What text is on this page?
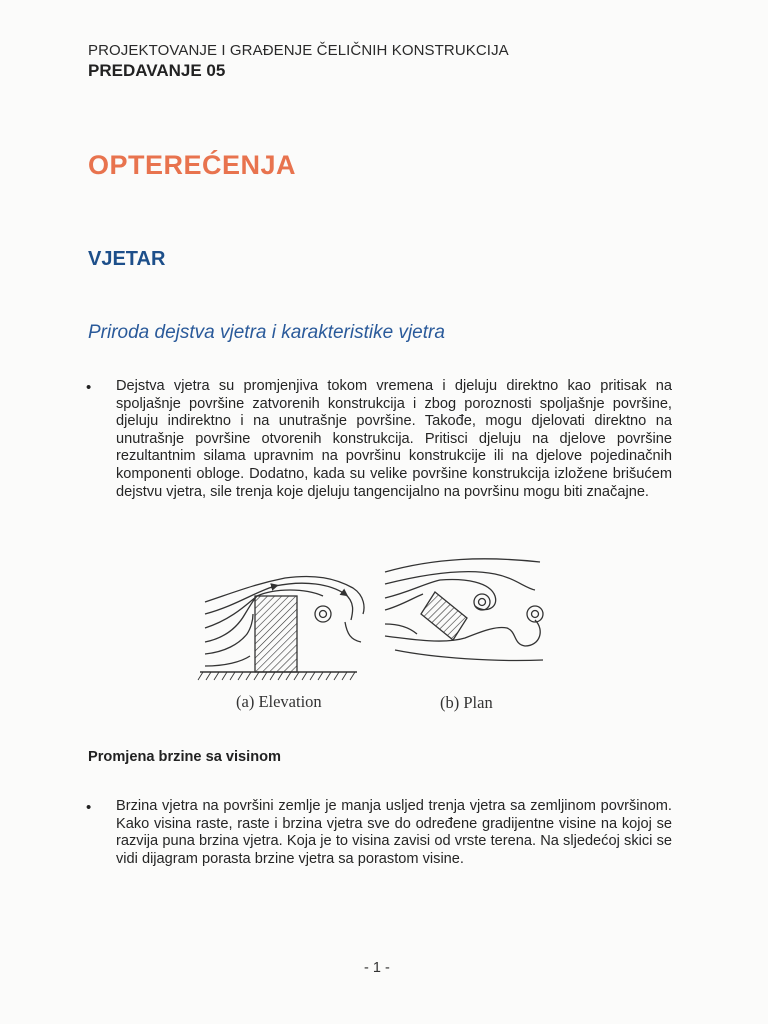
PROJEKTOVANJE I GRAĐENJE ČELIČNIH KONSTRUKCIJA
PREDAVANJE 05
OPTEREĆENJA
VJETAR
Priroda dejstva vjetra i karakteristike vjetra
• Dejstva vjetra su promjenjiva tokom vremena i djeluju direktno kao pritisak na spoljašnje površine zatvorenih konstrukcija i zbog poroznosti spoljašnje površine, djeluju indirektno i na unutrašnje površine. Takođe, mogu djelovati direktno na unutrašnje površine otvorenih konstrukcija. Pritisci djeluju na djelove površine rezultantnim silama upravnim na površinu konstrukcije ili na djelove pojedinačnih komponenti obloge. Dodatno, kada su velike površine konstrukcija izložene brišućem dejstvu vjetra, sile trenja koje djeluju tangencijalno na površinu mogu biti značajne.
(a) Elevation	(b) Plan
Promjena brzine sa visinom
• Brzina vjetra na površini zemlje je manja usljed trenja vjetra sa zemljinom površinom. Kako visina raste, raste i brzina vjetra sve do određene gradijentne visine na kojoj se razvija puna brzina vjetra. Koja je to visina zavisi od vrste terena. Na sljedećoj skici se vidi dijagram porasta brzine vjetra sa porastom visine.
- 1 -
